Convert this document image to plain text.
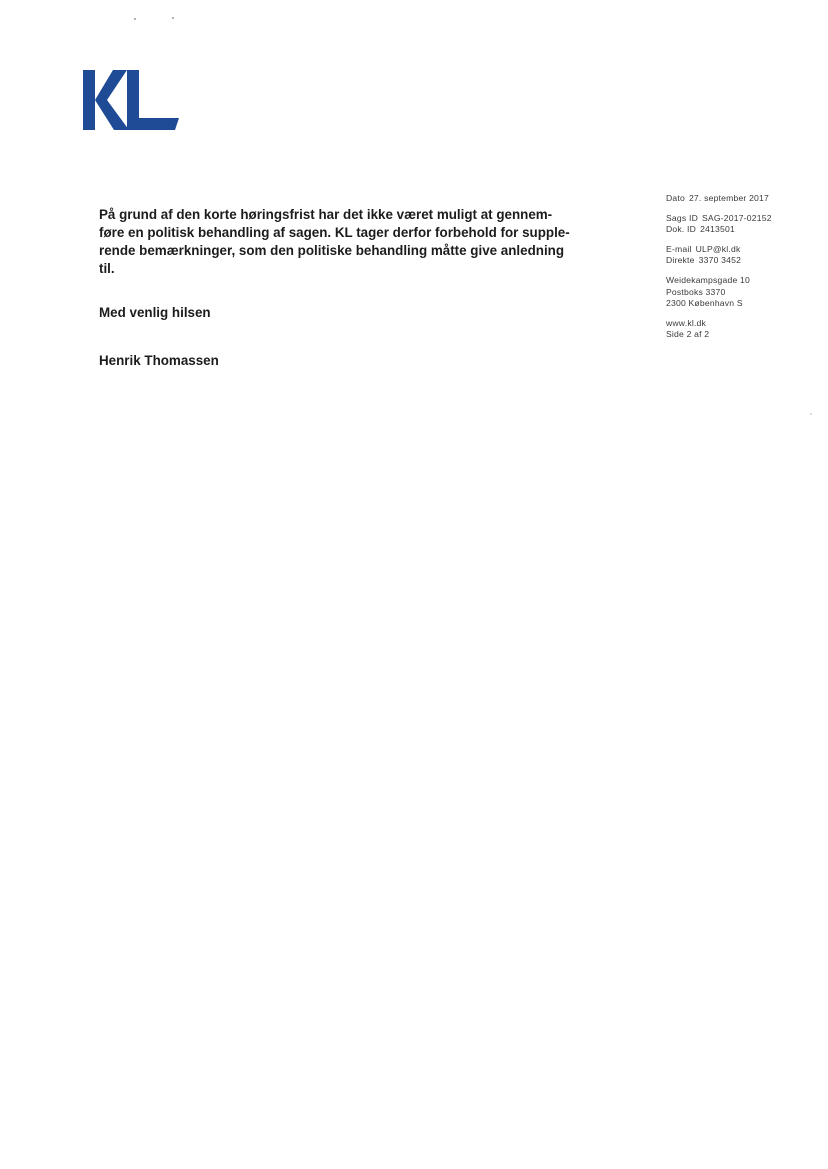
På grund af den korte høringsfrist har det ikke været muligt at gennem-
føre en politisk behandling af sagen. KL tager derfor forbehold for supple-
rende bemærkninger, som den politiske behandling måtte give anledning
til.
Med venlig hilsen
Henrik Thomassen
Dato 27. september 2017
Sags ID SAG-2017-02152
Dok. ID 2413501
E-mail ULP@kl.dk
Direkte 3370 3452
Weidekampsgade 10
Postboks 3370
2300 København S
www.kl.dk
Side 2 af 2
